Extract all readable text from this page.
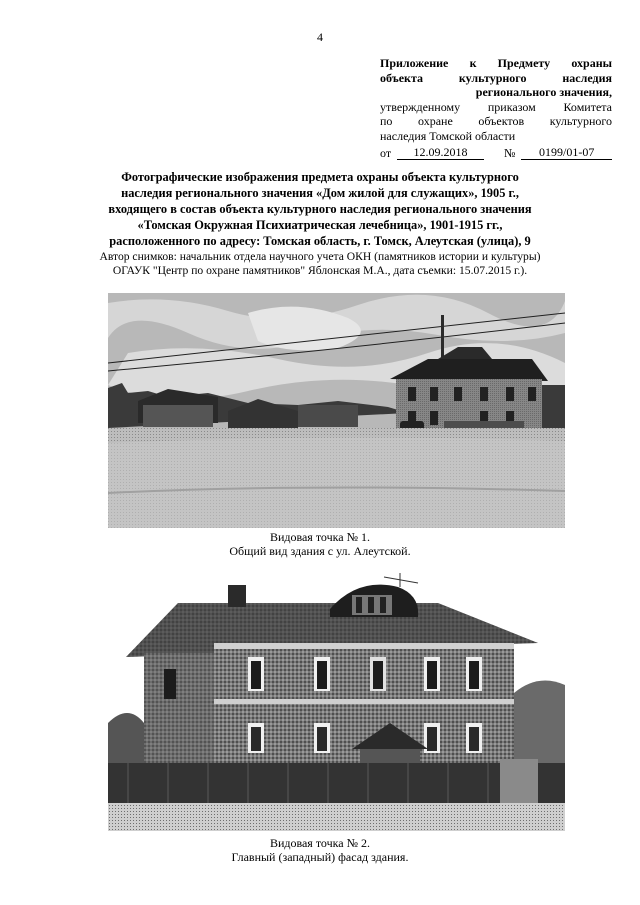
4
Приложение к Предмету охраны
объекта культурного наследия
регионального значения,
утвержденному приказом Комитета
по охране объектов культурного
наследия Томской области
от	12.09.2018	№	0199/01-07
Фотографические изображения предмета охраны объекта культурного
наследия регионального значения «Дом жилой для служащих», 1905 г.,
входящего в состав объекта культурного наследия регионального значения
«Томская Окружная Психиатрическая лечебница», 1901-1915 гг.,
расположенного по адресу: Томская область, г. Томск, Алеутская (улица), 9
Автор снимков: начальник отдела научного учета ОКН (памятников истории и культуры)
ОГАУК "Центр по охране памятников" Яблонская М.А., дата съемки: 15.07.2015 г.).
Видовая точка № 1.
Общий вид здания с ул. Алеутской.
Видовая точка № 2.
Главный (западный) фасад здания.
